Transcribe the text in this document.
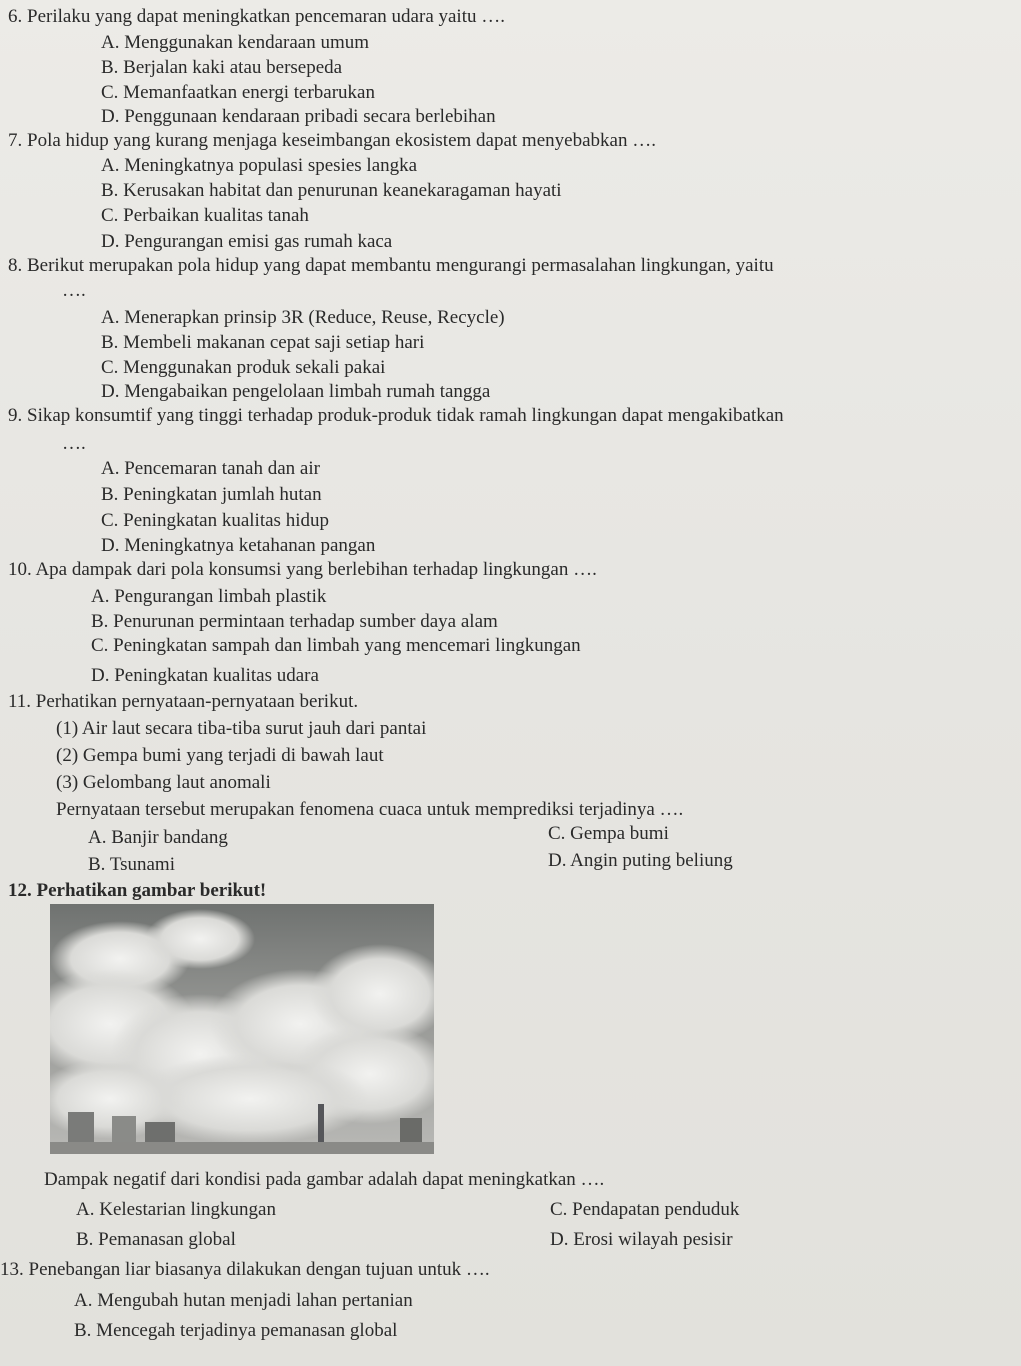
6. Perilaku yang dapat meningkatkan pencemaran udara yaitu ….
A. Menggunakan kendaraan umum
B. Berjalan kaki atau bersepeda
C. Memanfaatkan energi terbarukan
D. Penggunaan kendaraan pribadi secara berlebihan
7. Pola hidup yang kurang menjaga keseimbangan ekosistem dapat menyebabkan ….
A. Meningkatnya populasi spesies langka
B. Kerusakan habitat dan penurunan keanekaragaman hayati
C. Perbaikan kualitas tanah
D. Pengurangan emisi gas rumah kaca
8. Berikut merupakan pola hidup yang dapat membantu mengurangi permasalahan lingkungan, yaitu
….
A. Menerapkan prinsip 3R (Reduce, Reuse, Recycle)
B. Membeli makanan cepat saji setiap hari
C. Menggunakan produk sekali pakai
D. Mengabaikan pengelolaan limbah rumah tangga
9. Sikap konsumtif yang tinggi terhadap produk-produk tidak ramah lingkungan dapat mengakibatkan
….
A. Pencemaran tanah dan air
B. Peningkatan jumlah hutan
C. Peningkatan kualitas hidup
D. Meningkatnya ketahanan pangan
10. Apa dampak dari pola konsumsi yang berlebihan terhadap lingkungan ….
A. Pengurangan limbah plastik
B. Penurunan permintaan terhadap sumber daya alam
C. Peningkatan sampah dan limbah yang mencemari lingkungan
D. Peningkatan kualitas udara
11. Perhatikan pernyataan-pernyataan berikut.
(1) Air laut secara tiba-tiba surut jauh dari pantai
(2) Gempa bumi yang terjadi di bawah laut
(3) Gelombang laut anomali
Pernyataan tersebut merupakan fenomena cuaca untuk memprediksi terjadinya ….
A. Banjir bandang
B. Tsunami
C. Gempa bumi
D. Angin puting beliung
12. Perhatikan gambar berikut!
Dampak negatif dari kondisi pada gambar adalah dapat meningkatkan ….
A. Kelestarian lingkungan
B. Pemanasan global
C. Pendapatan penduduk
D. Erosi wilayah pesisir
13. Penebangan liar biasanya dilakukan dengan tujuan untuk ….
A. Mengubah hutan menjadi lahan pertanian
B. Mencegah terjadinya pemanasan global
